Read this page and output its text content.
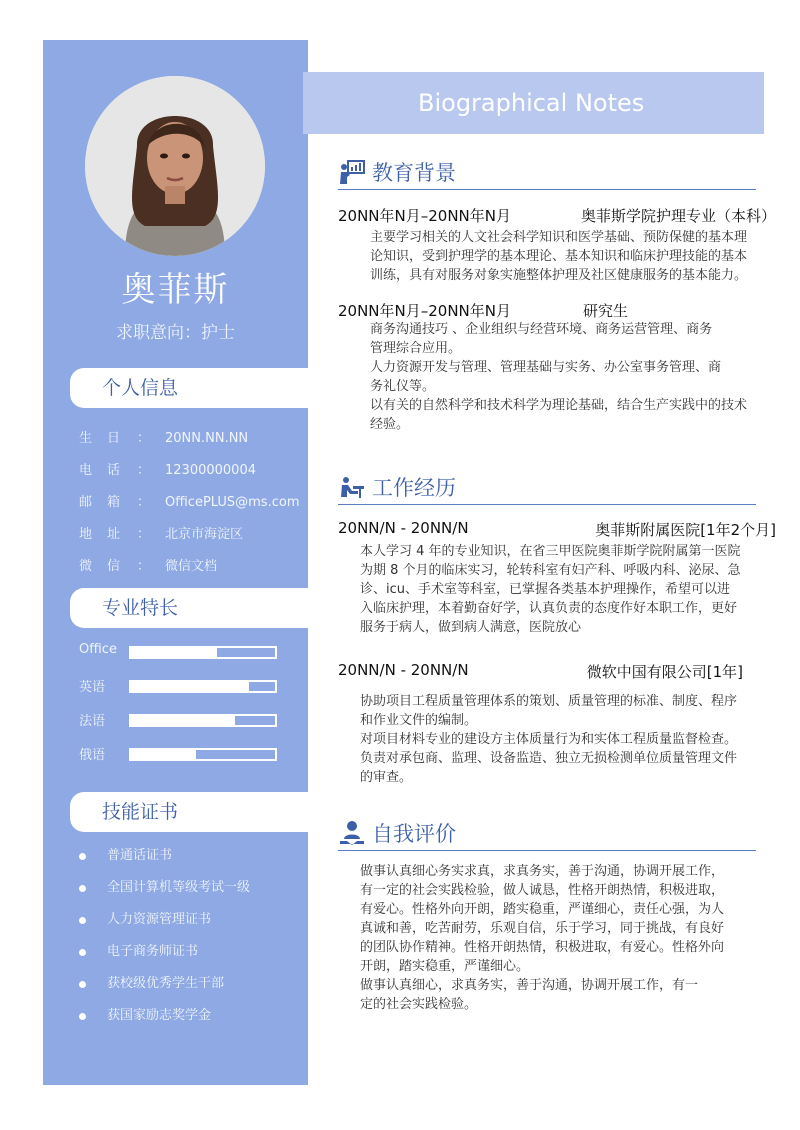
奥菲斯
求职意向：护士
个人信息
生　日	：	20NN.NN.NN
电　话	：	12300000004
邮　箱	：	OfficePLUS@ms.com
地　址	：	北京市海淀区
微　信	：	微信文档
专业特长
Office
英语
法语
俄语
技能证书
普通话证书
全国计算机等级考试一级
人力资源管理证书
电子商务师证书
获校级优秀学生干部
获国家励志奖学金
Biographical Notes
教育背景
20NN年N月–20NN年N月	奥菲斯学院护理专业（本科）

主要学习相关的人文社会科学知识和医学基础、预防保健的基本理
论知识，受到护理学的基本理论、基本知识和临床护理技能的基本
训练，具有对服务对象实施整体护理及社区健康服务的基本能力。

20NN年N月–20NN年N月	研究生

商务沟通技巧 、企业组织与经营环境、商务运营管理、商务
管理综合应用。
人力资源开发与管理、管理基础与实务、办公室事务管理、商
务礼仪等。
以有关的自然科学和技术科学为理论基础，结合生产实践中的技术
经验。

工作经历
20NN/N - 20NN/N	奥菲斯附属医院[1年2个月]

本人学习 4 年的专业知识，在省三甲医院奥菲斯学院附属第一医院
为期 8 个月的临床实习，轮转科室有妇产科、呼吸内科、泌尿、急
诊、icu、手术室等科室，已掌握各类基本护理操作，希望可以进
入临床护理，本着勤奋好学，认真负责的态度作好本职工作，更好
服务于病人，做到病人满意，医院放心

20NN/N - 20NN/N	微软中国有限公司[1年]

协助项目工程质量管理体系的策划、质量管理的标准、制度、程序
和作业文件的编制。
对项目材料专业的建设方主体质量行为和实体工程质量监督检查。
负责对承包商、监理、设备监造、独立无损检测单位质量管理文件
的审查。

自我评价

做事认真细心务实求真，求真务实，善于沟通，协调开展工作，
有一定的社会实践检验，做人诚恳，性格开朗热情，积极进取，
有爱心。性格外向开朗，踏实稳重，严谨细心，责任心强，为人
真诚和善，吃苦耐劳，乐观自信，乐于学习，同于挑战，有良好
的团队协作精神。性格开朗热情，积极进取，有爱心。性格外向
开朗，踏实稳重，严谨细心。
做事认真细心，求真务实，善于沟通，协调开展工作，有一
定的社会实践检验。
